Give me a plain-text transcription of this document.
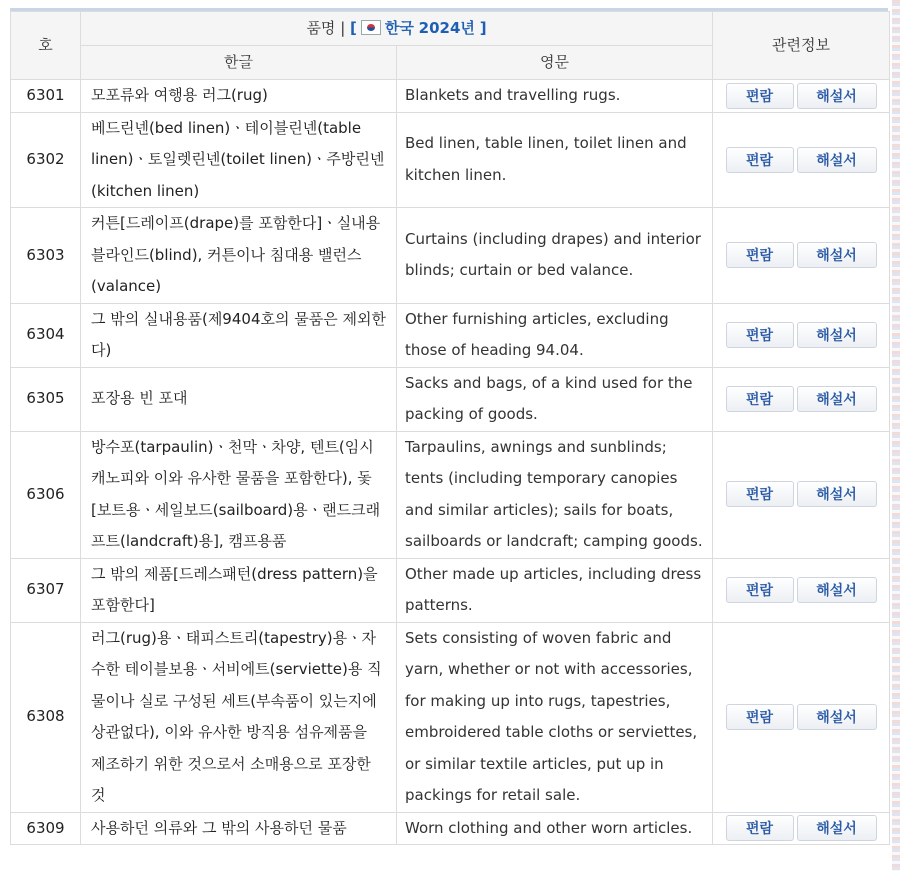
호	품명 | [ 한국 2024년 ]		관련정보
	한글	영문	
6301	모포류와 여행용 러그(rug)	Blankets and travelling rugs.	편람 해설서
6302	베드린넨(bed linen)ㆍ테이블린넨(table linen)ㆍ토일렛린넨(toilet linen)ㆍ주방린넨(kitchen linen)	Bed linen, table linen, toilet linen and kitchen linen.	편람 해설서
6303	커튼[드레이프(drape)를 포함한다]ㆍ실내용 블라인드(blind), 커튼이나 침대용 밸런스(valance)	Curtains (including drapes) and interior blinds; curtain or bed valance.	편람 해설서
6304	그 밖의 실내용품(제9404호의 물품은 제외한다)	Other furnishing articles, excluding those of heading 94.04.	편람 해설서
6305	포장용 빈 포대	Sacks and bags, of a kind used for the packing of goods.	편람 해설서
6306	방수포(tarpaulin)ㆍ천막ㆍ차양, 텐트(임시 캐노피와 이와 유사한 물품을 포함한다), 돛[보트용ㆍ세일보드(sailboard)용ㆍ랜드크래프트(landcraft)용], 캠프용품	Tarpaulins, awnings and sunblinds; tents (including temporary canopies and similar articles); sails for boats, sailboards or landcraft; camping goods.	편람 해설서
6307	그 밖의 제품[드레스패턴(dress pattern)을 포함한다]	Other made up articles, including dress patterns.	편람 해설서
6308	러그(rug)용ㆍ태피스트리(tapestry)용ㆍ자수한 테이블보용ㆍ서비에트(serviette)용 직물이나 실로 구성된 세트(부속품이 있는지에 상관없다), 이와 유사한 방직용 섬유제품을 제조하기 위한 것으로서 소매용으로 포장한 것	Sets consisting of woven fabric and yarn, whether or not with accessories, for making up into rugs, tapestries, embroidered table cloths or serviettes, or similar textile articles, put up in packings for retail sale.	편람 해설서
6309	사용하던 의류와 그 밖의 사용하던 물품	Worn clothing and other worn articles.	편람 해설서
